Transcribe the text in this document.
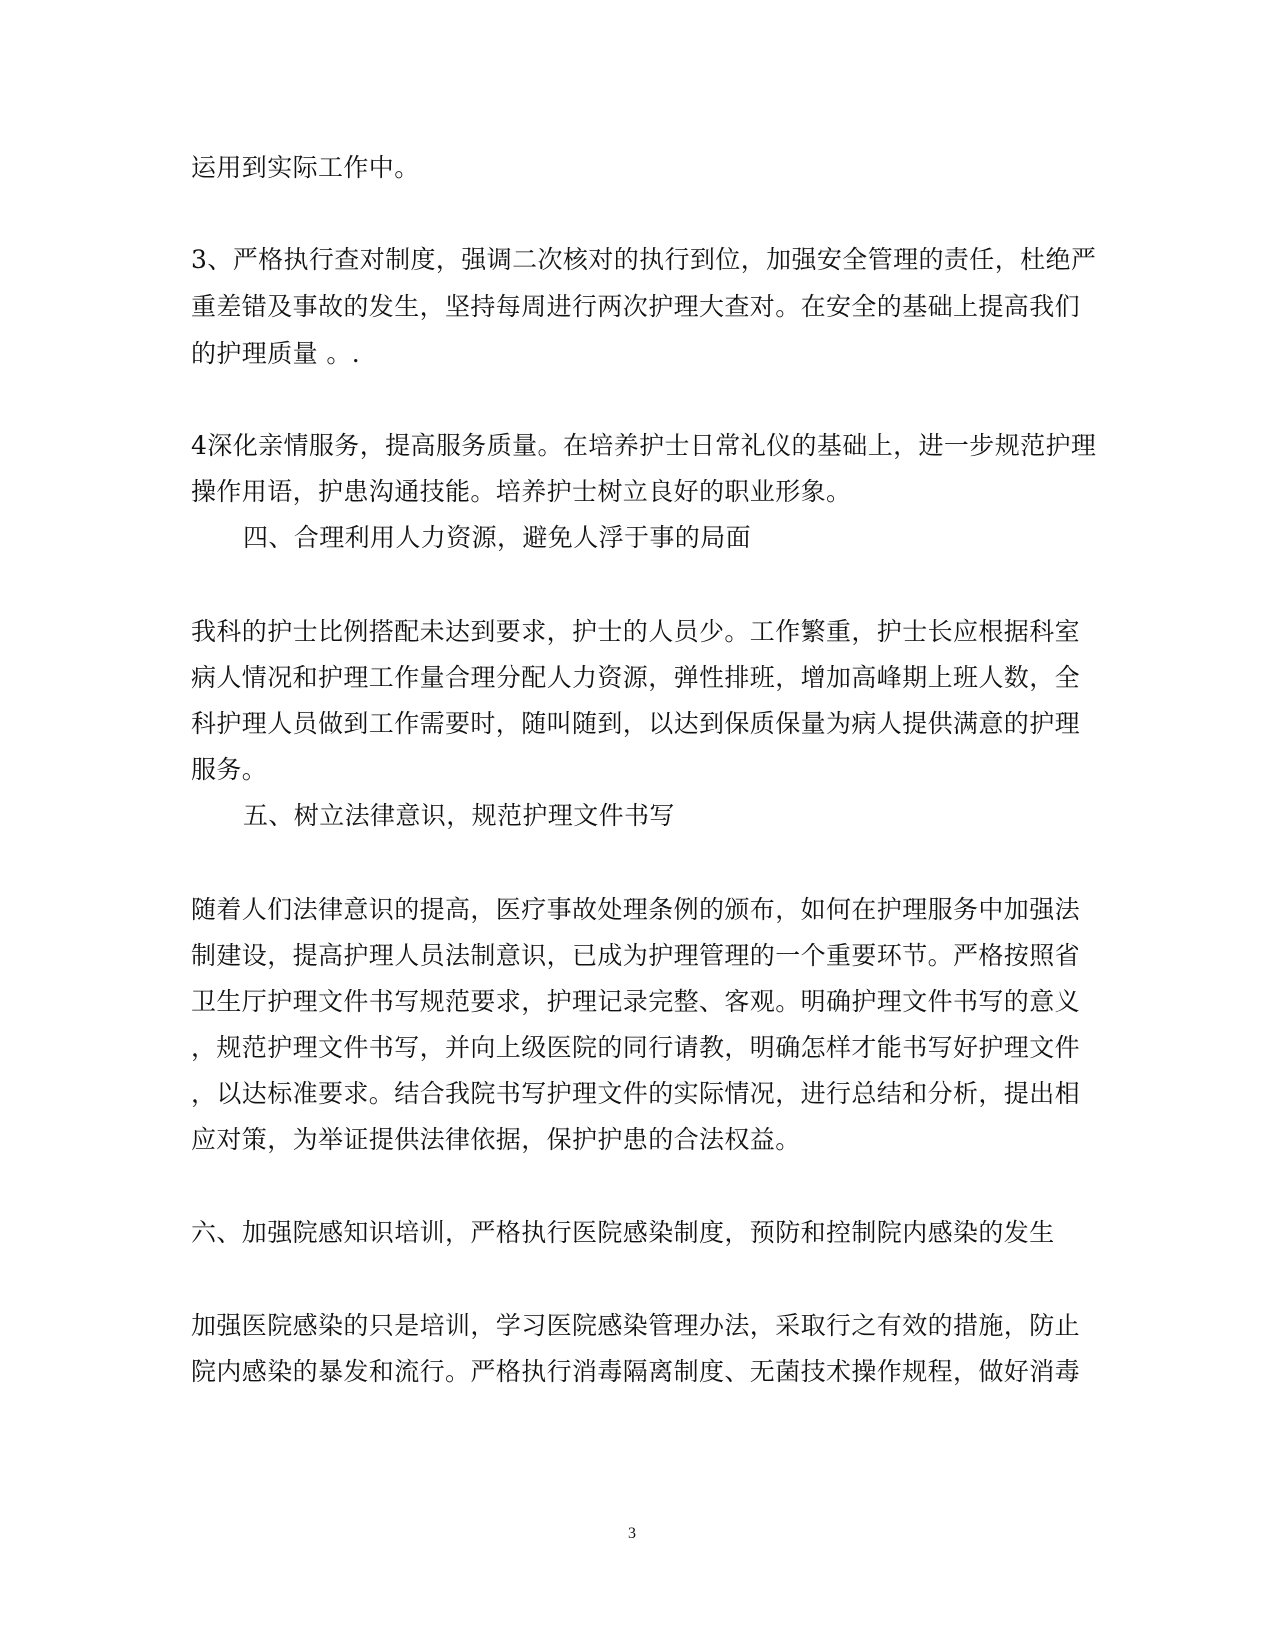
运用到实际工作中。
3、严格执行查对制度，强调二次核对的执行到位，加强安全管理的责任，杜绝严
重差错及事故的发生，坚持每周进行两次护理大查对。在安全的基础上提高我们
的护理质量 。.
4深化亲情服务，提高服务质量。在培养护士日常礼仪的基础上，进一步规范护理
操作用语，护患沟通技能。培养护士树立良好的职业形象。
四、合理利用人力资源，避免人浮于事的局面
我科的护士比例搭配未达到要求，护士的人员少。工作繁重，护士长应根据科室
病人情况和护理工作量合理分配人力资源，弹性排班，增加高峰期上班人数，全
科护理人员做到工作需要时，随叫随到，以达到保质保量为病人提供满意的护理
服务。
五、树立法律意识，规范护理文件书写
随着人们法律意识的提高，医疗事故处理条例的颁布，如何在护理服务中加强法
制建设，提高护理人员法制意识，已成为护理管理的一个重要环节。严格按照省
卫生厅护理文件书写规范要求，护理记录完整、客观。明确护理文件书写的意义
，规范护理文件书写，并向上级医院的同行请教，明确怎样才能书写好护理文件
，以达标准要求。结合我院书写护理文件的实际情况，进行总结和分析，提出相
应对策，为举证提供法律依据，保护护患的合法权益。
六、加强院感知识培训，严格执行医院感染制度，预防和控制院内感染的发生
加强医院感染的只是培训，学习医院感染管理办法，采取行之有效的措施，防止
院内感染的暴发和流行。严格执行消毒隔离制度、无菌技术操作规程，做好消毒
3
